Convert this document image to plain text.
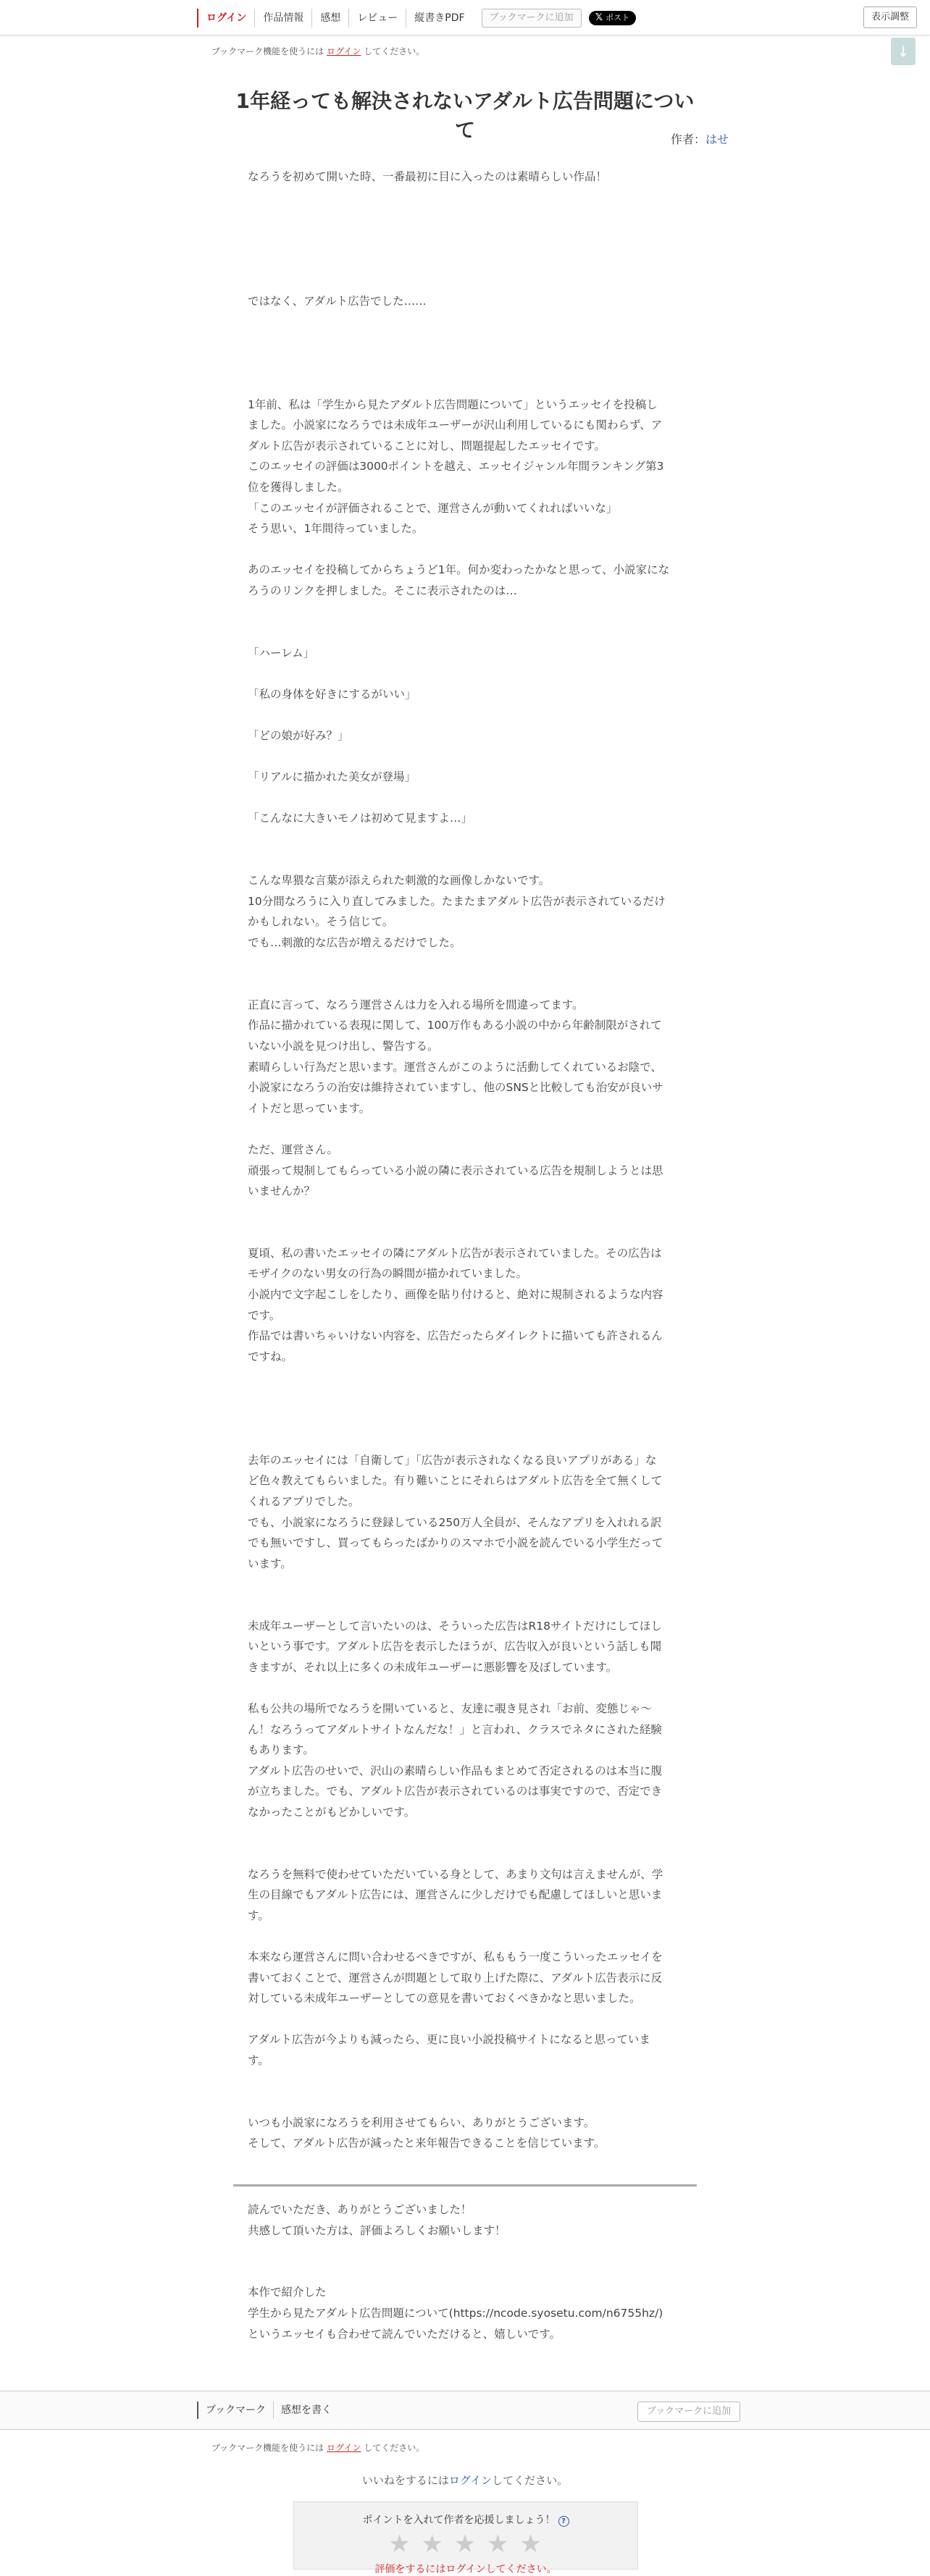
ログイン	作品情報	感想	レビュー	縦書きPDF	ブックマークに追加	𝕏 ポスト	表示調整
ブックマーク機能を使うには ログイン してください。	↓
1年経っても解決されないアダルト広告問題について	作者：はせ
なろうを初めて開いた時、一番最初に目に入ったのは素晴らしい作品！
ではなく、アダルト広告でした……
1年前、私は「学生から見たアダルト広告問題について」というエッセイを投稿し
ました。小説家になろうでは未成年ユーザーが沢山利用しているにも関わらず、ア
ダルト広告が表示されていることに対し、問題提起したエッセイです。
このエッセイの評価は3000ポイントを越え、エッセイジャンル年間ランキング第3
位を獲得しました。
「このエッセイが評価されることで、運営さんが動いてくれればいいな」
そう思い、1年間待っていました。
あのエッセイを投稿してからちょうど1年。何か変わったかなと思って、小説家にな
ろうのリンクを押しました。そこに表示されたのは…
「ハーレム」
「私の身体を好きにするがいい」
「どの娘が好み？」
「リアルに描かれた美女が登場」
「こんなに大きいモノは初めて見ますよ…」
こんな卑猥な言葉が添えられた刺激的な画像しかないです。
10分間なろうに入り直してみました。たまたまアダルト広告が表示されているだけ
かもしれない。そう信じて。
でも…刺激的な広告が増えるだけでした。
正直に言って、なろう運営さんは力を入れる場所を間違ってます。
作品に描かれている表現に関して、100万作もある小説の中から年齢制限がされて
いない小説を見つけ出し、警告する。
素晴らしい行為だと思います。運営さんがこのように活動してくれているお陰で、
小説家になろうの治安は維持されていますし、他のSNSと比較しても治安が良いサ
イトだと思っています。
ただ、運営さん。
頑張って規制してもらっている小説の隣に表示されている広告を規制しようとは思
いませんか？
夏頃、私の書いたエッセイの隣にアダルト広告が表示されていました。その広告は
モザイクのない男女の行為の瞬間が描かれていました。
小説内で文字起こしをしたり、画像を貼り付けると、絶対に規制されるような内容
です。
作品では書いちゃいけない内容を、広告だったらダイレクトに描いても許されるん
ですね。
去年のエッセイには「自衛して」「広告が表示されなくなる良いアプリがある」な
ど色々教えてもらいました。有り難いことにそれらはアダルト広告を全て無くして
くれるアプリでした。
でも、小説家になろうに登録している250万人全員が、そんなアプリを入れれる訳
でも無いですし、買ってもらったばかりのスマホで小説を読んでいる小学生だって
います。
未成年ユーザーとして言いたいのは、そういった広告はR18サイトだけにしてほし
いという事です。アダルト広告を表示したほうが、広告収入が良いという話しも聞
きますが、それ以上に多くの未成年ユーザーに悪影響を及ぼしています。
私も公共の場所でなろうを開いていると、友達に覗き見され「お前、変態じゃ〜
ん！なろうってアダルトサイトなんだな！」と言われ、クラスでネタにされた経験
もあります。
アダルト広告のせいで、沢山の素晴らしい作品もまとめて否定されるのは本当に腹
が立ちました。でも、アダルト広告が表示されているのは事実ですので、否定でき
なかったことがもどかしいです。
なろうを無料で使わせていただいている身として、あまり文句は言えませんが、学
生の目線でもアダルト広告には、運営さんに少しだけでも配慮してほしいと思いま
す。
本来なら運営さんに問い合わせるべきですが、私ももう一度こういったエッセイを
書いておくことで、運営さんが問題として取り上げた際に、アダルト広告表示に反
対している未成年ユーザーとしての意見を書いておくべきかなと思いました。
アダルト広告が今よりも減ったら、更に良い小説投稿サイトになると思っていま
す。
いつも小説家になろうを利用させてもらい、ありがとうございます。
そして、アダルト広告が減ったと来年報告できることを信じています。
読んでいただき、ありがとうございました！
共感して頂いた方は、評価よろしくお願いします！
本作で紹介した
学生から見たアダルト広告問題について(https://ncode.syosetu.com/n6755hz/)
というエッセイも合わせて読んでいただけると、嬉しいです。
ブックマーク	感想を書く	ブックマークに追加
ブックマーク機能を使うには ログイン してください。
いいねをするにはログインしてください。
ポイントを入れて作者を応援しましょう！ ?
★ ★ ★ ★ ★
評価をするにはログインしてください。
